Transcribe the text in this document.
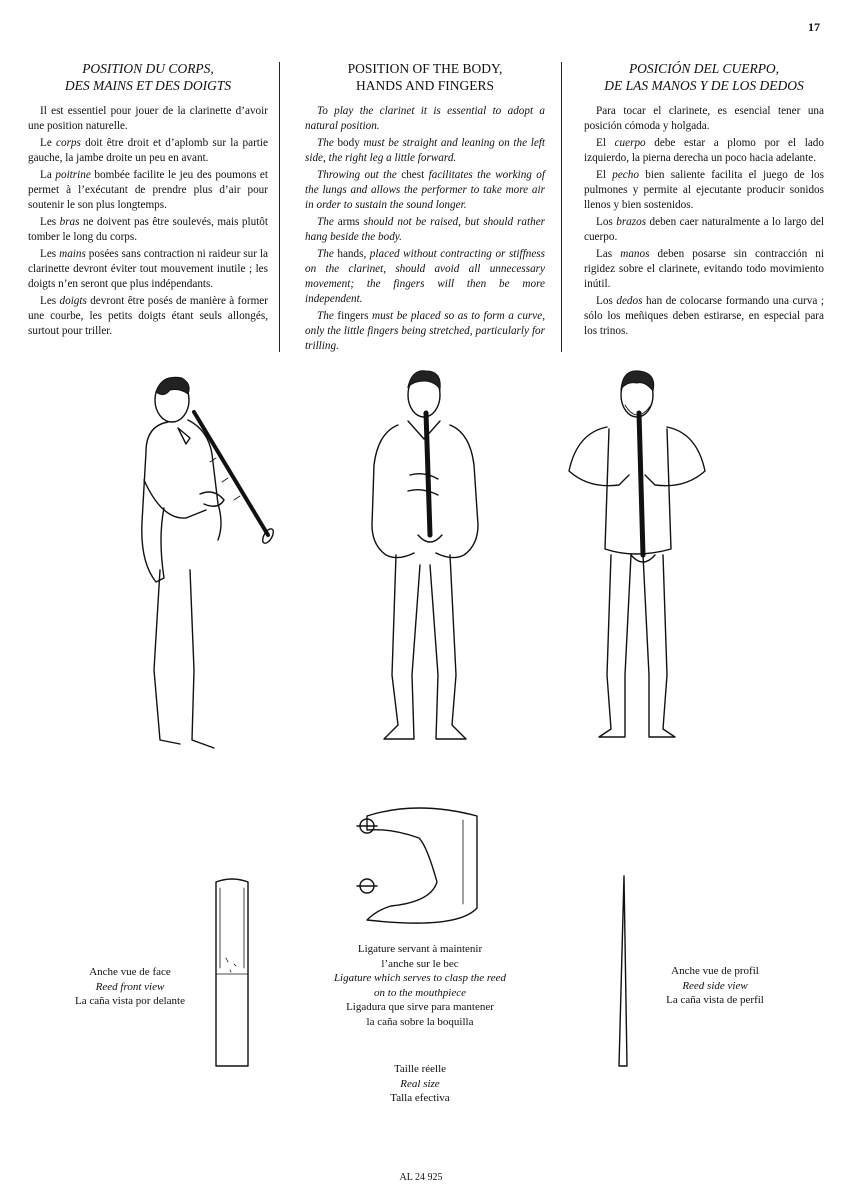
17
POSITION DU CORPS,
DES MAINS ET DES DOIGTS

Il est essentiel pour jouer de la clarinette d’avoir une position naturelle.

Le corps doit être droit et d’aplomb sur la partie gauche, la jambe droite un peu en avant.

La poitrine bombée facilite le jeu des poumons et permet à l’exécutant de prendre plus d’air pour soutenir le son plus longtemps.

Les bras ne doivent pas être soulevés, mais plutôt tomber le long du corps.

Les mains posées sans contraction ni raideur sur la clarinette devront éviter tout mouvement inutile ; les doigts n’en seront que plus indépendants.

Les doigts devront être posés de manière à former une courbe, les petits doigts étant seuls allongés, surtout pour triller.

POSITION OF THE BODY,
HANDS AND FINGERS

To play the clarinet it is essential to adopt a natural position.

The body must be straight and leaning on the left side, the right leg a little forward.

Throwing out the chest facilitates the working of the lungs and allows the performer to take more air in order to sustain the sound longer.

The arms should not be raised, but should rather hang beside the body.

The hands, placed without contracting or stiffness on the clarinet, should avoid all unnecessary movement; the fingers will then be more independent.

The fingers must be placed so as to form a curve, only the little fingers being stretched, particularly for trilling.

POSICIÓN DEL CUERPO,
DE LAS MANOS Y DE LOS DEDOS

Para tocar el clarinete, es esencial tener una posición cómoda y holgada.

El cuerpo debe estar a plomo por el lado izquierdo, la pierna derecha un poco hacia adelante.

El pecho bien saliente facilita el juego de los pulmones y permite al ejecutante producir sonidos llenos y bien sostenidos.

Los brazos deben caer naturalmente a lo largo del cuerpo.

Las manos deben posarse sin contracción ni rigidez sobre el clarinete, evitando todo movimiento inútil.

Los dedos han de colocarse formando una curva ; sólo los meñiques deben estirarse, en especial para los trinos.

Anche vue de face
Reed front view
La caña vista por delante
Ligature servant à maintenir
l’anche sur le bec
Ligature which serves to clasp the reed
on to the mouthpiece
Ligadura que sirve para mantener
la caña sobre la boquilla
Anche vue de profil
Reed side view
La caña vista de perfil
Taille réelle
Real size
Talla efectiva
AL 24 925
